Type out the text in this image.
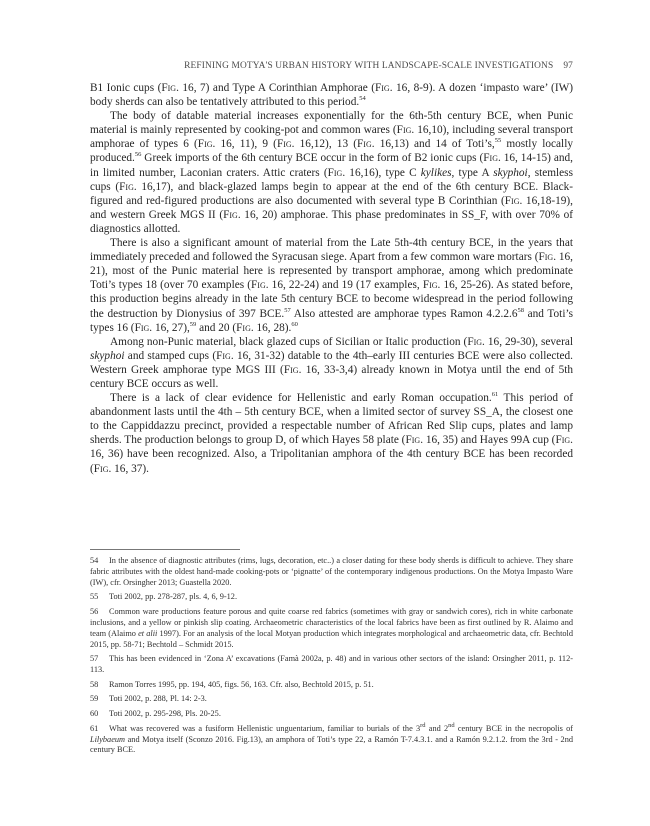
REFINING MOTYA'S URBAN HISTORY WITH LANDSCAPE-SCALE INVESTIGATIONS 97

B1 Ionic cups (Fig. 16, 7) and Type A Corinthian Amphorae (Fig. 16, 8-9). A dozen ‘impasto ware’ (IW) body sherds can also be tentatively attributed to this period.$^{54}$

The body of datable material increases exponentially for the 6th-5th century BCE, when Punic material is mainly represented by cooking-pot and common wares (Fig. 16,10), including several transport amphorae of types 6 (Fig. 16, 11), 9 (Fig. 16,12), 13 (Fig. 16,13) and 14 of Toti’s,$^{55}$ mostly locally produced.$^{56}$ Greek imports of the 6th century BCE occur in the form of B2 ionic cups (Fig. 16, 14-15) and, in limited number, Laconian craters. Attic craters (Fig. 16,16), type C kylikes, type A skyphoi, stemless cups (Fig. 16,17), and black-glazed lamps begin to appear at the end of the 6th century BCE. Black-figured and red-figured productions are also documented with several type B Corinthian (Fig. 16,18-19), and western Greek MGS II (Fig. 16, 20) amphorae. This phase predominates in SS_F, with over 70% of diagnostics allotted.

There is also a significant amount of material from the Late 5th-4th century BCE, in the years that immediately preceded and followed the Syracusan siege. Apart from a few common ware mortars (Fig. 16, 21), most of the Punic material here is represented by transport amphorae, among which predominate Toti’s types 18 (over 70 examples (Fig. 16, 22-24) and 19 (17 examples, Fig. 16, 25-26). As stated before, this production begins already in the late 5th century BCE to become widespread in the period following the destruction by Dionysius of 397 BCE.$^{57}$ Also attested are amphorae types Ramon 4.2.2.6$^{58}$ and Toti’s types 16 (Fig. 16, 27),$^{59}$ and 20 (Fig. 16, 28).$^{60}$

Among non-Punic material, black glazed cups of Sicilian or Italic production (Fig. 16, 29-30), several skyphoi and stamped cups (Fig. 16, 31-32) datable to the 4th–early III centuries BCE were also collected. Western Greek amphorae type MGS III (Fig. 16, 33-3,4) already known in Motya until the end of 5th century BCE occurs as well.

There is a lack of clear evidence for Hellenistic and early Roman occupation.$^{61}$ This period of abandonment lasts until the 4th – 5th century BCE, when a limited sector of survey SS_A, the closest one to the Cappiddazzu precinct, provided a respectable number of African Red Slip cups, plates and lamp sherds. The production belongs to group D, of which Hayes 58 plate (Fig. 16, 35) and Hayes 99A cup (Fig. 16, 36) have been recognized. Also, a Tripolitanian amphora of the 4th century BCE has been recorded (Fig. 16, 37).

54 In the absence of diagnostic attributes (rims, lugs, decoration, etc..) a closer dating for these body sherds is difficult to achieve. They share fabric attributes with the oldest hand-made cooking-pots or ‘pignatte’ of the contemporary indigenous productions. On the Motya Impasto Ware (IW), cfr. Orsingher 2013; Guastella 2020.
55 Toti 2002, pp. 278-287, pls. 4, 6, 9-12.
56 Common ware productions feature porous and quite coarse red fabrics (sometimes with gray or sandwich cores), rich in white carbonate inclusions, and a yellow or pinkish slip coating. Archaeometric characteristics of the local fabrics have been as first outlined by R. Alaimo and team (Alaimo et alii 1997). For an analysis of the local Motyan production which integrates morphological and archaeometric data, cfr. Bechtold 2015, pp. 58-71; Bechtold – Schmidt 2015.
57 This has been evidenced in ‘Zona A’ excavations (Famà 2002a, p. 48) and in various other sectors of the island: Orsingher 2011, p. 112-113.
58 Ramon Torres 1995, pp. 194, 405, figs. 56, 163. Cfr. also, Bechtold 2015, p. 51.
59 Toti 2002, p. 288, Pl. 14: 2-3.
60 Toti 2002, p. 295-298, Pls. 20-25.
61 What was recovered was a fusiform Hellenistic unguentarium, familiar to burials of the 3rd and 2nd century BCE in the necropolis of Lilybaeum and Motya itself (Sconzo 2016. Fig.13), an amphora of Toti’s type 22, a Ramón T-7.4.3.1. and a Ramón 9.2.1.2. from the 3rd - 2nd century BCE.
